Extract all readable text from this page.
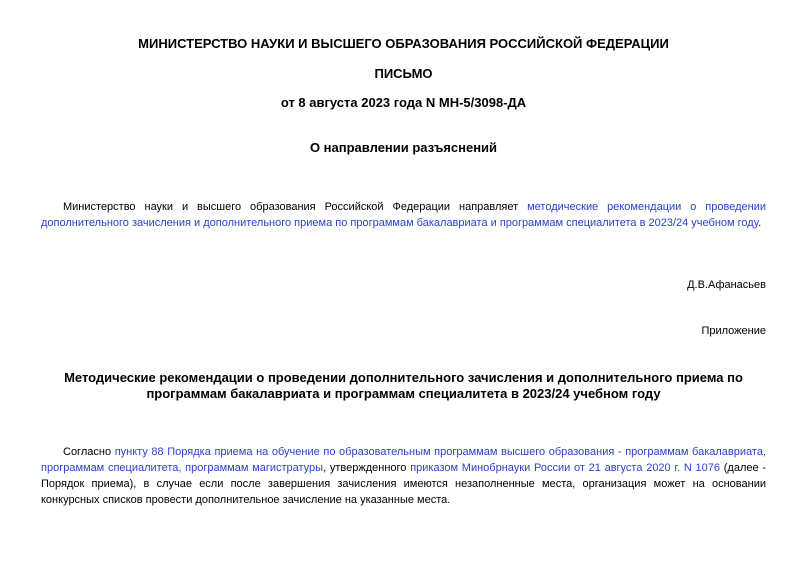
МИНИСТЕРСТВО НАУКИ И ВЫСШЕГО ОБРАЗОВАНИЯ РОССИЙСКОЙ ФЕДЕРАЦИИ
ПИСЬМО
от 8 августа 2023 года N МН-5/3098-ДА
О направлении разъяснений
Министерство науки и высшего образования Российской Федерации направляет методические рекомендации о проведении дополнительного зачисления и дополнительного приема по программам бакалавриата и программам специалитета в 2023/24 учебном году.
Д.В.Афанасьев
Приложение
Методические рекомендации о проведении дополнительного зачисления и дополнительного приема по программам бакалавриата и программам специалитета в 2023/24 учебном году
Согласно пункту 88 Порядка приема на обучение по образовательным программам высшего образования - программам бакалавриата, программам специалитета, программам магистратуры, утвержденного приказом Минобрнауки России от 21 августа 2020 г. N 1076 (далее - Порядок приема), в случае если после завершения зачисления имеются незаполненные места, организация может на основании конкурсных списков провести дополнительное зачисление на указанные места.
